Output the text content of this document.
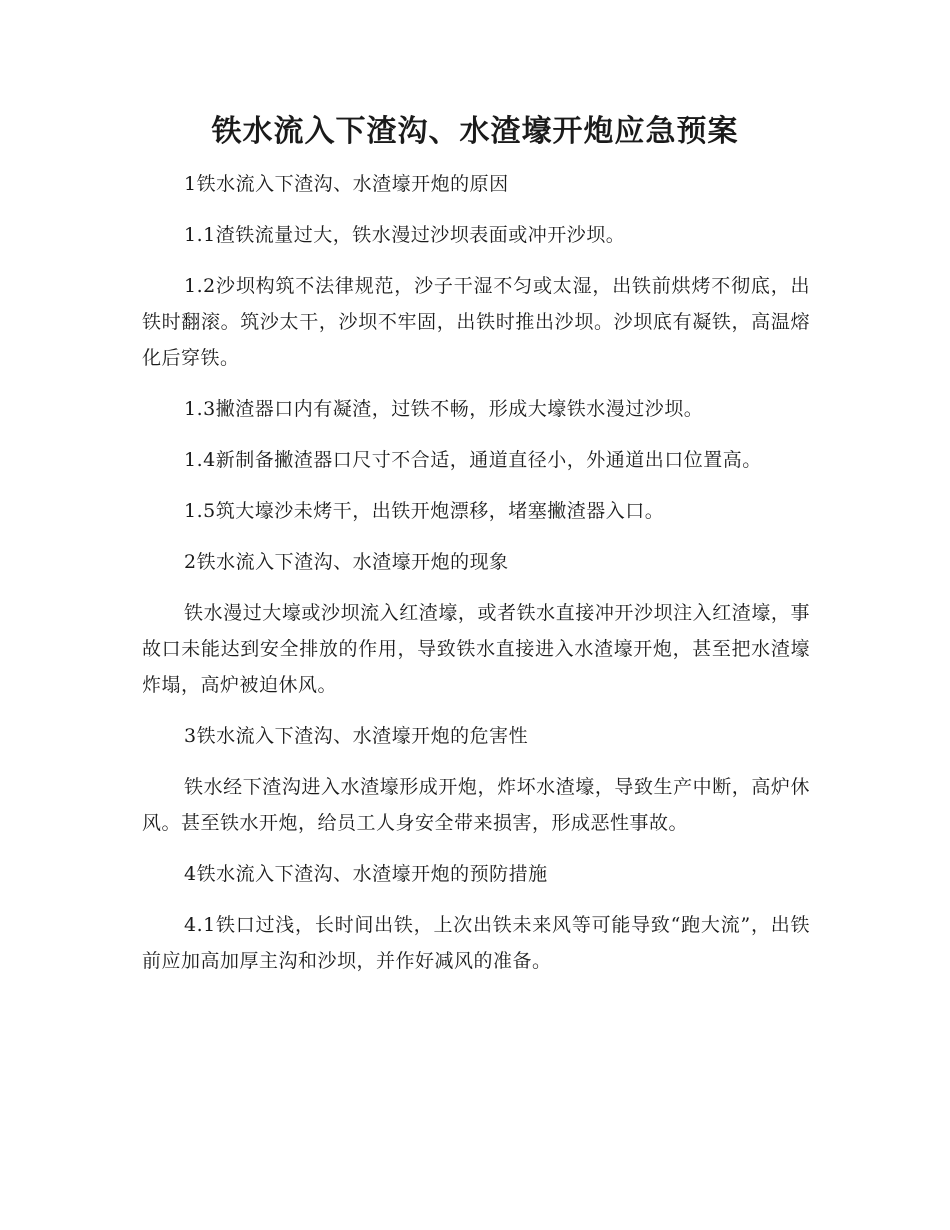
铁水流入下渣沟、水渣壕开炮应急预案

1铁水流入下渣沟、水渣壕开炮的原因

1.1渣铁流量过大，铁水漫过沙坝表面或冲开沙坝。

1.2沙坝构筑不法律规范，沙子干湿不匀或太湿，出铁前烘烤不彻底，出铁时翻滚。筑沙太干，沙坝不牢固，出铁时推出沙坝。沙坝底有凝铁，高温熔化后穿铁。

1.3撇渣器口内有凝渣，过铁不畅，形成大壕铁水漫过沙坝。

1.4新制备撇渣器口尺寸不合适，通道直径小，外通道出口位置高。

1.5筑大壕沙未烤干，出铁开炮漂移，堵塞撇渣器入口。

2铁水流入下渣沟、水渣壕开炮的现象

铁水漫过大壕或沙坝流入红渣壕，或者铁水直接冲开沙坝注入红渣壕，事故口未能达到安全排放的作用，导致铁水直接进入水渣壕开炮，甚至把水渣壕炸塌，高炉被迫休风。

3铁水流入下渣沟、水渣壕开炮的危害性

铁水经下渣沟进入水渣壕形成开炮，炸坏水渣壕，导致生产中断，高炉休风。甚至铁水开炮，给员工人身安全带来损害，形成恶性事故。

4铁水流入下渣沟、水渣壕开炮的预防措施

4.1铁口过浅，长时间出铁，上次出铁未来风等可能导致“跑大流”，出铁前应加高加厚主沟和沙坝，并作好减风的准备。
